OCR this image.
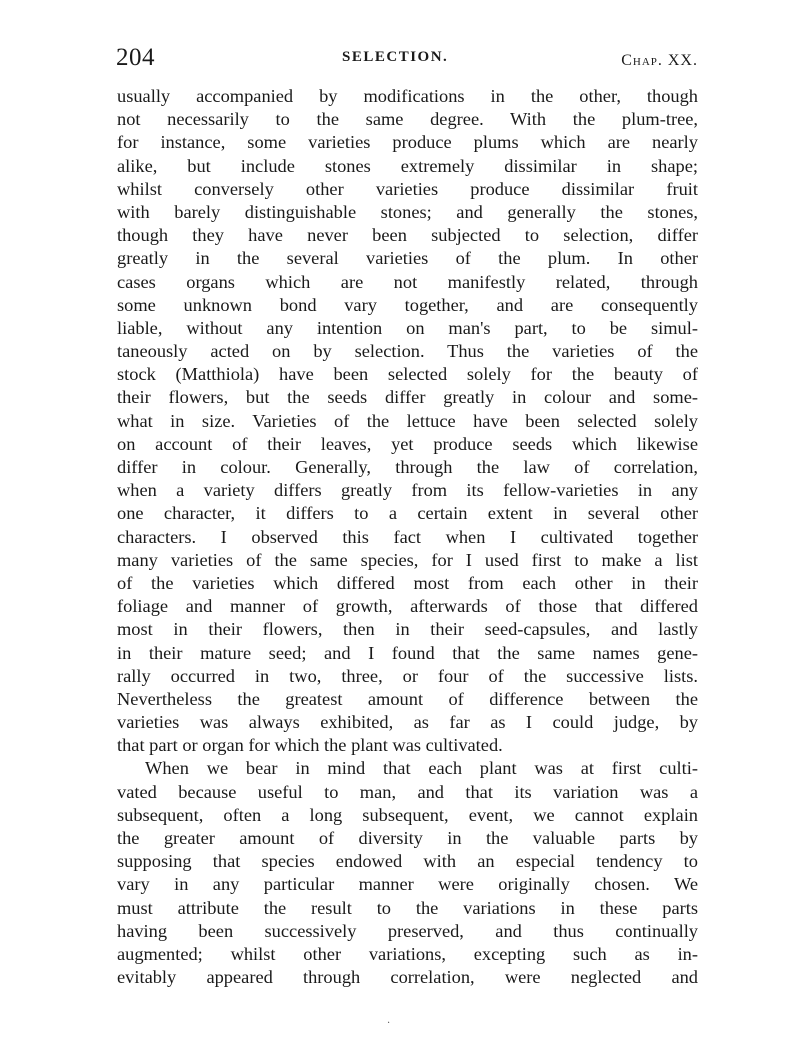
204	SELECTION.	Chap. XX.
usually accompanied by modifications in the other, though
not necessarily to the same degree. With the plum-tree,
for instance, some varieties produce plums which are nearly
alike, but include stones extremely dissimilar in shape;
whilst conversely other varieties produce dissimilar fruit
with barely distinguishable stones; and generally the stones,
though they have never been subjected to selection, differ
greatly in the several varieties of the plum. In other
cases organs which are not manifestly related, through
some unknown bond vary together, and are consequently
liable, without any intention on man's part, to be simul-
taneously acted on by selection. Thus the varieties of the
stock (Matthiola) have been selected solely for the beauty of
their flowers, but the seeds differ greatly in colour and some-
what in size. Varieties of the lettuce have been selected solely
on account of their leaves, yet produce seeds which likewise
differ in colour. Generally, through the law of correlation,
when a variety differs greatly from its fellow-varieties in any
one character, it differs to a certain extent in several other
characters. I observed this fact when I cultivated together
many varieties of the same species, for I used first to make a list
of the varieties which differed most from each other in their
foliage and manner of growth, afterwards of those that differed
most in their flowers, then in their seed-capsules, and lastly
in their mature seed; and I found that the same names gene-
rally occurred in two, three, or four of the successive lists.
Nevertheless the greatest amount of difference between the
varieties was always exhibited, as far as I could judge, by
that part or organ for which the plant was cultivated.
When we bear in mind that each plant was at first culti-
vated because useful to man, and that its variation was a
subsequent, often a long subsequent, event, we cannot explain
the greater amount of diversity in the valuable parts by
supposing that species endowed with an especial tendency to
vary in any particular manner were originally chosen. We
must attribute the result to the variations in these parts
having been successively preserved, and thus continually
augmented; whilst other variations, excepting such as in-
evitably appeared through correlation, were neglected and
.
